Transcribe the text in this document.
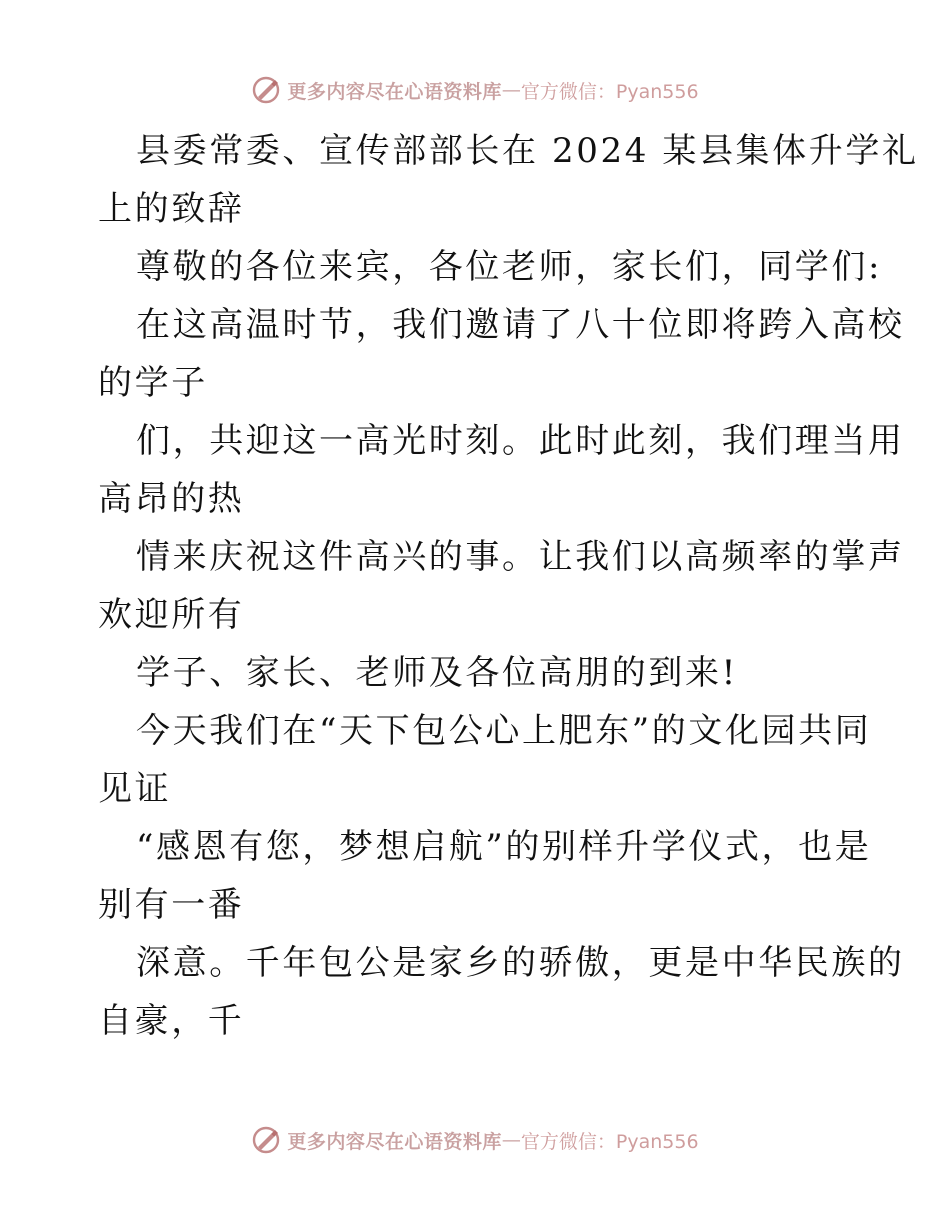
更多内容尽在心语资料库 — 官方微信：Pyan556
县委常委、宣传部部长在 2024 某县集体升学礼
上的致辞
尊敬的各位来宾，各位老师，家长们，同学们:
在这高温时节，我们邀请了八十位即将跨入高校
的学子
们，共迎这一高光时刻。此时此刻，我们理当用
高昂的热
情来庆祝这件高兴的事。让我们以高频率的掌声
欢迎所有
学子、家长、老师及各位高朋的到来!
今天我们在“天下包公心上肥东”的文化园共同
见证
“感恩有您，梦想启航”的别样升学仪式，也是
别有一番
深意。千年包公是家乡的骄傲，更是中华民族的
自豪，千
更多内容尽在心语资料库 — 官方微信：Pyan556
